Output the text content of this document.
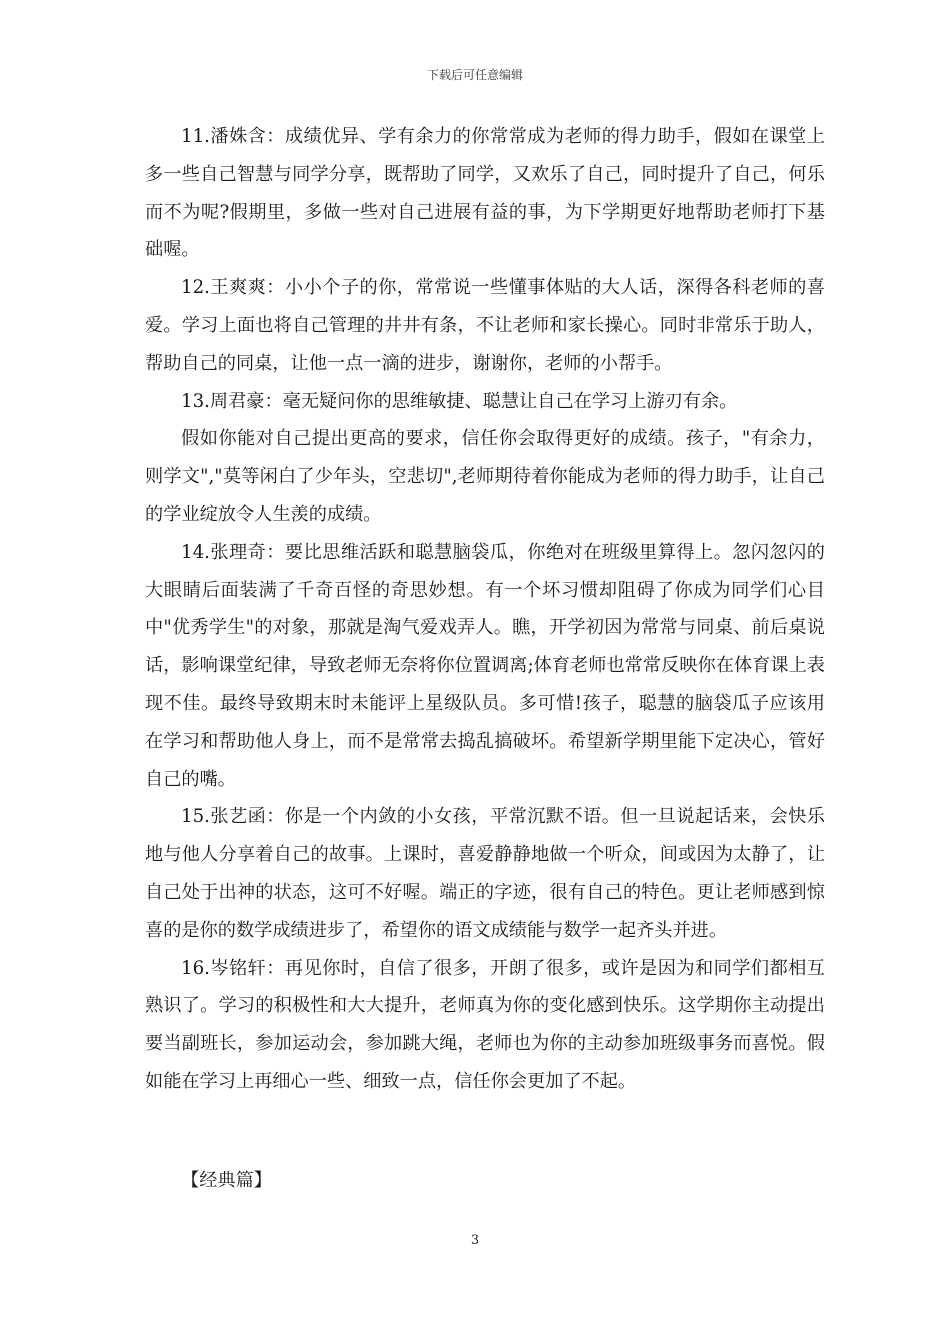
下载后可任意编辑

11.潘姝含：成绩优异、学有余力的你常常成为老师的得力助手，假如在课堂上多一些自己智慧与同学分享，既帮助了同学，又欢乐了自己，同时提升了自己，何乐而不为呢?假期里，多做一些对自己进展有益的事，为下学期更好地帮助老师打下基础喔。

12.王爽爽：小小个子的你，常常说一些懂事体贴的大人话，深得各科老师的喜爱。学习上面也将自己管理的井井有条，不让老师和家长操心。同时非常乐于助人，帮助自己的同桌，让他一点一滴的进步，谢谢你，老师的小帮手。

13.周君豪：毫无疑问你的思维敏捷、聪慧让自己在学习上游刃有余。

假如你能对自己提出更高的要求，信任你会取得更好的成绩。孩子，"有余力，则学文","莫等闲白了少年头，空悲切",老师期待着你能成为老师的得力助手，让自己的学业绽放令人生羡的成绩。

14.张理奇：要比思维活跃和聪慧脑袋瓜，你绝对在班级里算得上。忽闪忽闪的大眼睛后面装满了千奇百怪的奇思妙想。有一个坏习惯却阻碍了你成为同学们心目中"优秀学生"的对象，那就是淘气爱戏弄人。瞧，开学初因为常常与同桌、前后桌说话，影响课堂纪律，导致老师无奈将你位置调离;体育老师也常常反映你在体育课上表现不佳。最终导致期末时未能评上星级队员。多可惜!孩子，聪慧的脑袋瓜子应该用在学习和帮助他人身上，而不是常常去捣乱搞破坏。希望新学期里能下定决心，管好自己的嘴。

15.张艺函：你是一个内敛的小女孩，平常沉默不语。但一旦说起话来，会快乐地与他人分享着自己的故事。上课时，喜爱静静地做一个听众，间或因为太静了，让自己处于出神的状态，这可不好喔。端正的字迹，很有自己的特色。更让老师感到惊喜的是你的数学成绩进步了，希望你的语文成绩能与数学一起齐头并进。

16.岑铭轩：再见你时，自信了很多，开朗了很多，或许是因为和同学们都相互熟识了。学习的积极性和大大提升，老师真为你的变化感到快乐。这学期你主动提出要当副班长，参加运动会，参加跳大绳，老师也为你的主动参加班级事务而喜悦。假如能在学习上再细心一些、细致一点，信任你会更加了不起。

【经典篇】
3
